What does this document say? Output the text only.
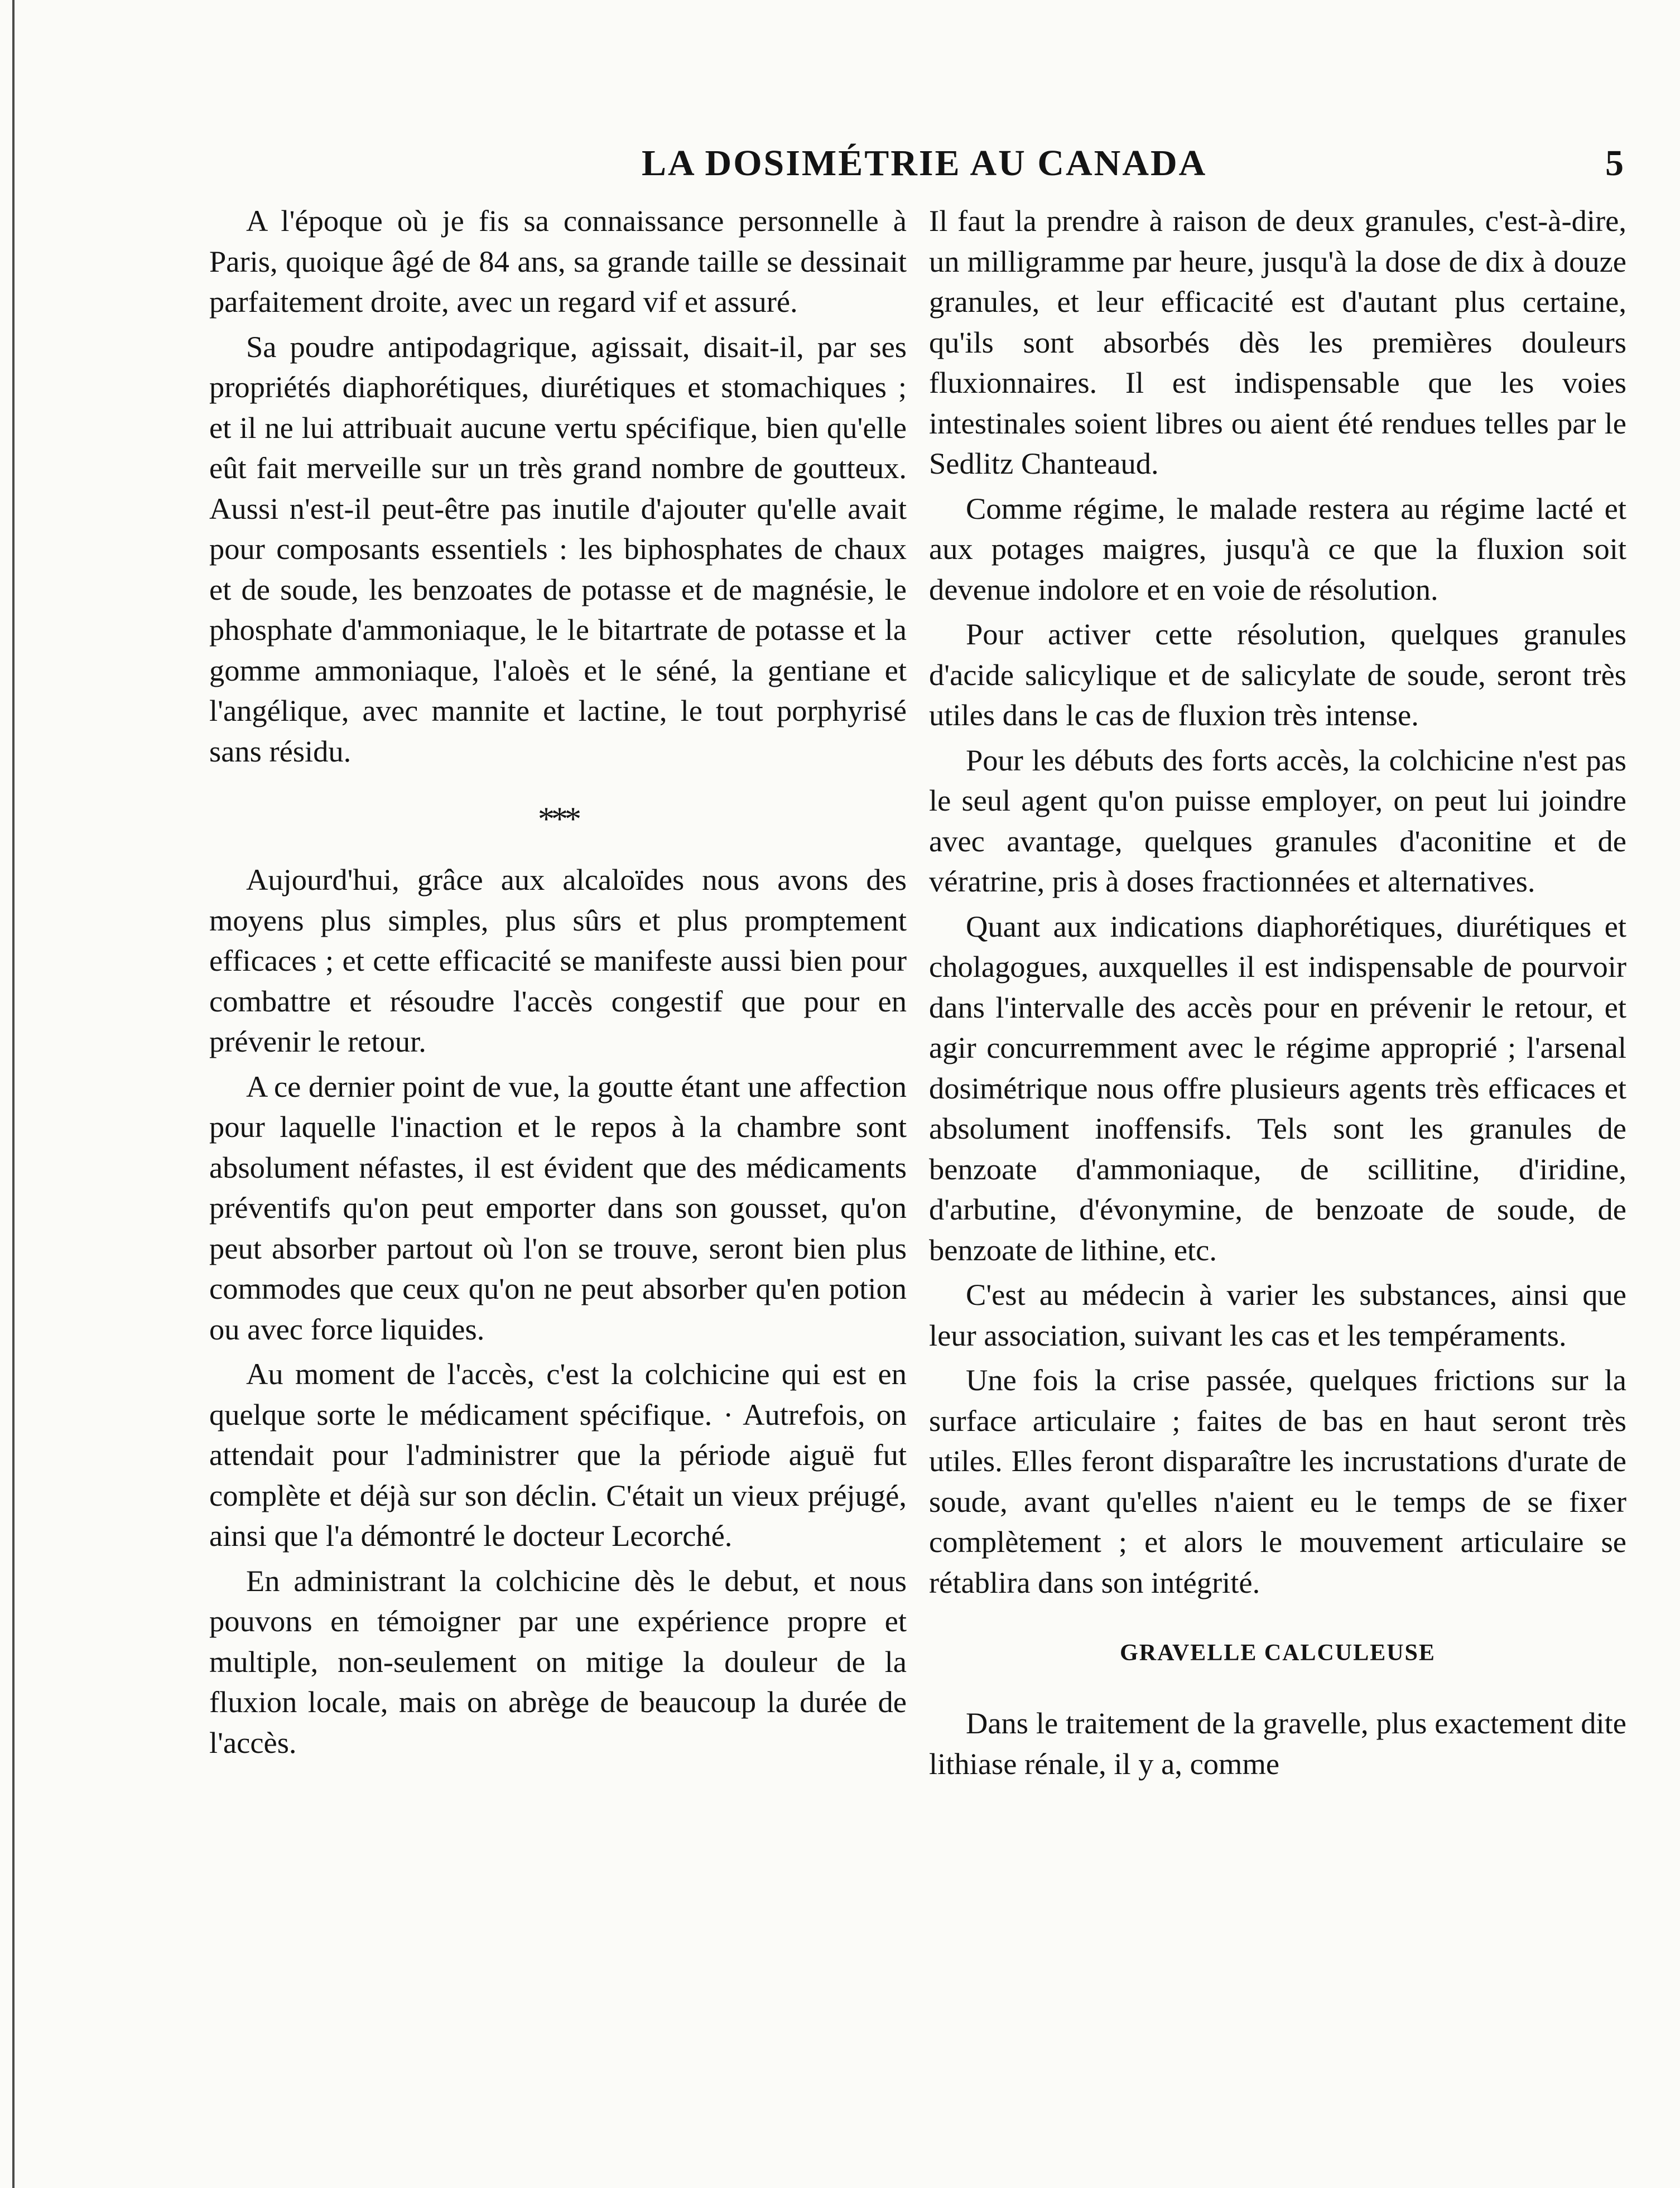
LA DOSIMÉTRIE AU CANADA	5

A l'époque où je fis sa connaissance personnelle à Paris, quoique âgé de 84 ans, sa grande taille se dessinait parfaitement droite, avec un regard vif et assuré.

Sa poudre antipodagrique, agissait, disait-il, par ses propriétés diaphorétiques, diurétiques et stomachiques ; et il ne lui attribuait aucune vertu spécifique, bien qu'elle eût fait merveille sur un très grand nombre de goutteux. Aussi n'est-il peut-être pas inutile d'ajouter qu'elle avait pour composants essentiels : les biphosphates de chaux et de soude, les benzoates de potasse et de magnésie, le phosphate d'ammoniaque, le le bitartrate de potasse et la gomme ammoniaque, l'aloès et le séné, la gentiane et l'angélique, avec mannite et lactine, le tout porphyrisé sans résidu.

***

Aujourd'hui, grâce aux alcaloïdes nous avons des moyens plus simples, plus sûrs et plus promptement efficaces ; et cette efficacité se manifeste aussi bien pour combattre et résoudre l'accès congestif que pour en prévenir le retour.

A ce dernier point de vue, la goutte étant une affection pour laquelle l'inaction et le repos à la chambre sont absolument néfastes, il est évident que des médicaments préventifs qu'on peut emporter dans son gousset, qu'on peut absorber partout où l'on se trouve, seront bien plus commodes que ceux qu'on ne peut absorber qu'en potion ou avec force liquides.

Au moment de l'accès, c'est la colchicine qui est en quelque sorte le médicament spécifique. · Autrefois, on attendait pour l'administrer que la période aiguë fut complète et déjà sur son déclin. C'était un vieux préjugé, ainsi que l'a démontré le docteur Lecorché.

En administrant la colchicine dès le debut, et nous pouvons en témoigner par une expérience propre et multiple, non-seulement on mitige la douleur de la fluxion locale, mais on abrège de beaucoup la durée de l'accès.

Il faut la prendre à raison de deux granules, c'est-à-dire, un milligramme par heure, jusqu'à la dose de dix à douze granules, et leur efficacité est d'autant plus certaine, qu'ils sont absorbés dès les premières douleurs fluxionnaires. Il est indispensable que les voies intestinales soient libres ou aient été rendues telles par le Sedlitz Chanteaud.

Comme régime, le malade restera au régime lacté et aux potages maigres, jusqu'à ce que la fluxion soit devenue indolore et en voie de résolution.

Pour activer cette résolution, quelques granules d'acide salicylique et de salicylate de soude, seront très utiles dans le cas de fluxion très intense.

Pour les débuts des forts accès, la colchicine n'est pas le seul agent qu'on puisse employer, on peut lui joindre avec avantage, quelques granules d'aconitine et de vératrine, pris à doses fractionnées et alternatives.

Quant aux indications diaphorétiques, diurétiques et cholagogues, auxquelles il est indispensable de pourvoir dans l'intervalle des accès pour en prévenir le retour, et agir concurremment avec le régime approprié ; l'arsenal dosimétrique nous offre plusieurs agents très efficaces et absolument inoffensifs. Tels sont les granules de benzoate d'ammoniaque, de scillitine, d'iridine, d'arbutine, d'évonymine, de benzoate de soude, de benzoate de lithine, etc.

C'est au médecin à varier les substances, ainsi que leur association, suivant les cas et les tempéraments.

Une fois la crise passée, quelques frictions sur la surface articulaire ; faites de bas en haut seront très utiles. Elles feront disparaître les incrustations d'urate de soude, avant qu'elles n'aient eu le temps de se fixer complètement ; et alors le mouvement articulaire se rétablira dans son intégrité.

GRAVELLE CALCULEUSE

Dans le traitement de la gravelle, plus exactement dite lithiase rénale, il y a, comme
